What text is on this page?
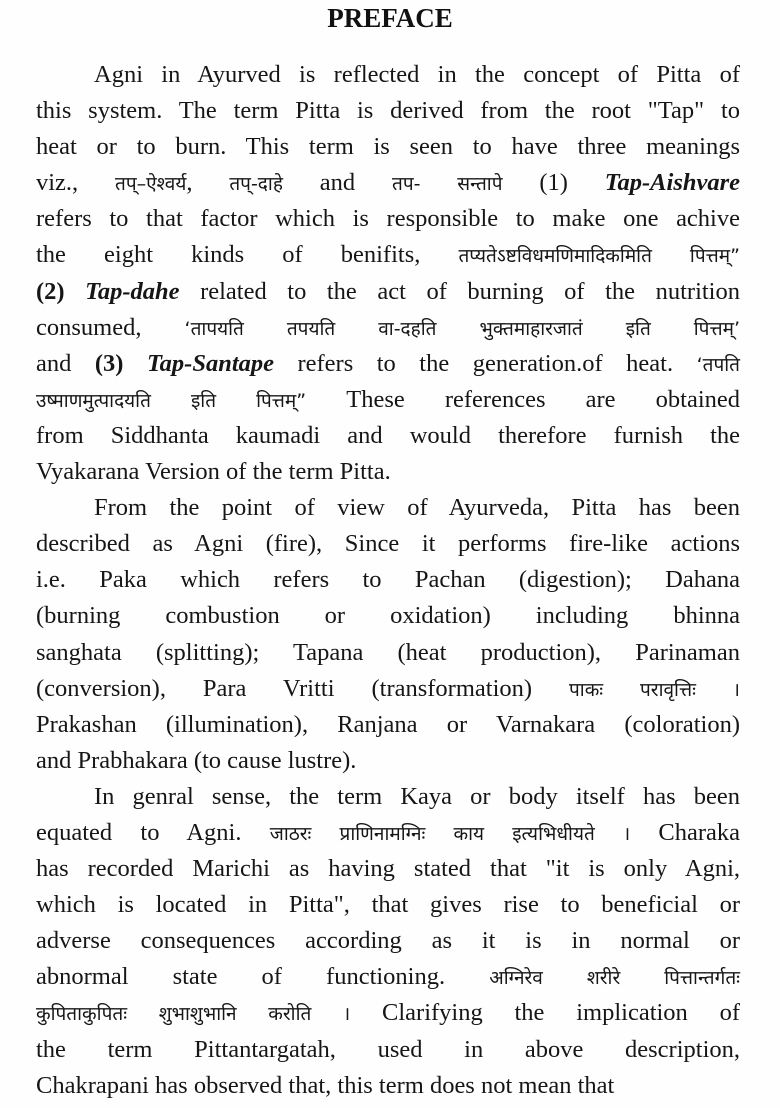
PREFACE
Agni in Ayurved is reflected in the concept of Pitta of
this system. The term Pitta is derived from the root "Tap" to
heat or to burn. This term is seen to have three meanings
viz., तप्–ऐश्वर्य, तप्-दाहे and तप- सन्तापे (1) Tap-Aishvare
refers to that factor which is responsible to make one achive
the eight kinds of benifits, तप्यतेऽष्टविधमणिमादिकमिति पित्तम्”
(2) Tap-dahe related to the act of burning of the nutrition
consumed, ‘तापयति तपयति वा-दहति भुक्तमाहारजातं इति पित्तम्’
and (3) Tap-Santape refers to the generation.of heat. ‘तपति
उष्माणमुत्पादयति इति पित्तम्” These references are obtained
from Siddhanta kaumadi and would therefore furnish the
Vyakarana Version of the term Pitta.
From the point of view of Ayurveda, Pitta has been
described as Agni (fire), Since it performs fire-like actions
i.e. Paka which refers to Pachan (digestion); Dahana
(burning combustion or oxidation) including bhinna
sanghata (splitting); Tapana (heat production), Parinaman
(conversion), Para Vritti (transformation) पाकः परावृत्तिः ।
Prakashan (illumination), Ranjana or Varnakara (coloration)
and Prabhakara (to cause lustre).
In genral sense, the term Kaya or body itself has been
equated to Agni. जाठरः प्राणिनामग्निः काय इत्यभिधीयते । Charaka
has recorded Marichi as having stated that "it is only Agni,
which is located in Pitta", that gives rise to beneficial or
adverse consequences according as it is in normal or
abnormal state of functioning. अग्निरेव शरीरे पित्तान्तर्गतः
कुपिताकुपितः शुभाशुभानि करोति । Clarifying the implication of
the term Pittantargatah, used in above description,
Chakrapani has observed that, this term does not mean that
